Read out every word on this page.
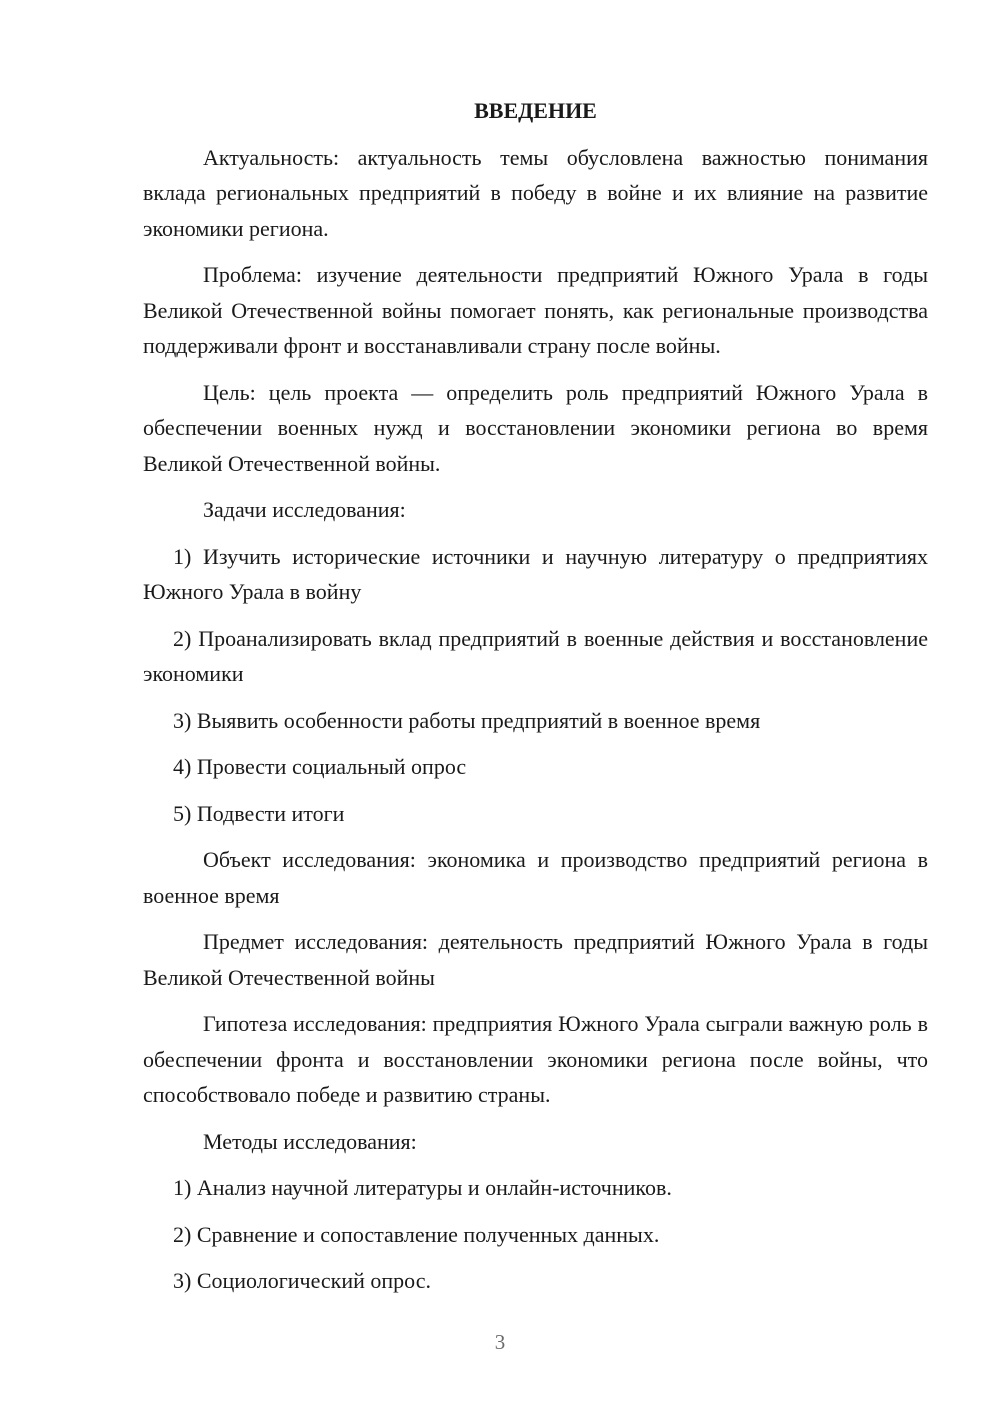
ВВЕДЕНИЕ

Актуальность: актуальность темы обусловлена важностью понимания вклада региональных предприятий в победу в войне и их влияние на развитие экономики региона.

Проблема: изучение деятельности предприятий Южного Урала в годы Великой Отечественной войны помогает понять, как региональные производства поддерживали фронт и восстанавливали страну после войны.

Цель: цель проекта — определить роль предприятий Южного Урала в обеспечении военных нужд и восстановлении экономики региона во время Великой Отечественной войны.

Задачи исследования:

1) Изучить исторические источники и научную литературу о предприятиях Южного Урала в войну

2) Проанализировать вклад предприятий в военные действия и восстановление экономики

3) Выявить особенности работы предприятий в военное время

4) Провести социальный опрос

5) Подвести итоги

Объект исследования: экономика и производство предприятий региона в военное время

Предмет исследования: деятельность предприятий Южного Урала в годы Великой Отечественной войны

Гипотеза исследования: предприятия Южного Урала сыграли важную роль в обеспечении фронта и восстановлении экономики региона после войны, что способствовало победе и развитию страны.

Методы исследования:

1) Анализ научной литературы и онлайн-источников.

2) Сравнение и сопоставление полученных данных.

3) Социологический опрос.

3
